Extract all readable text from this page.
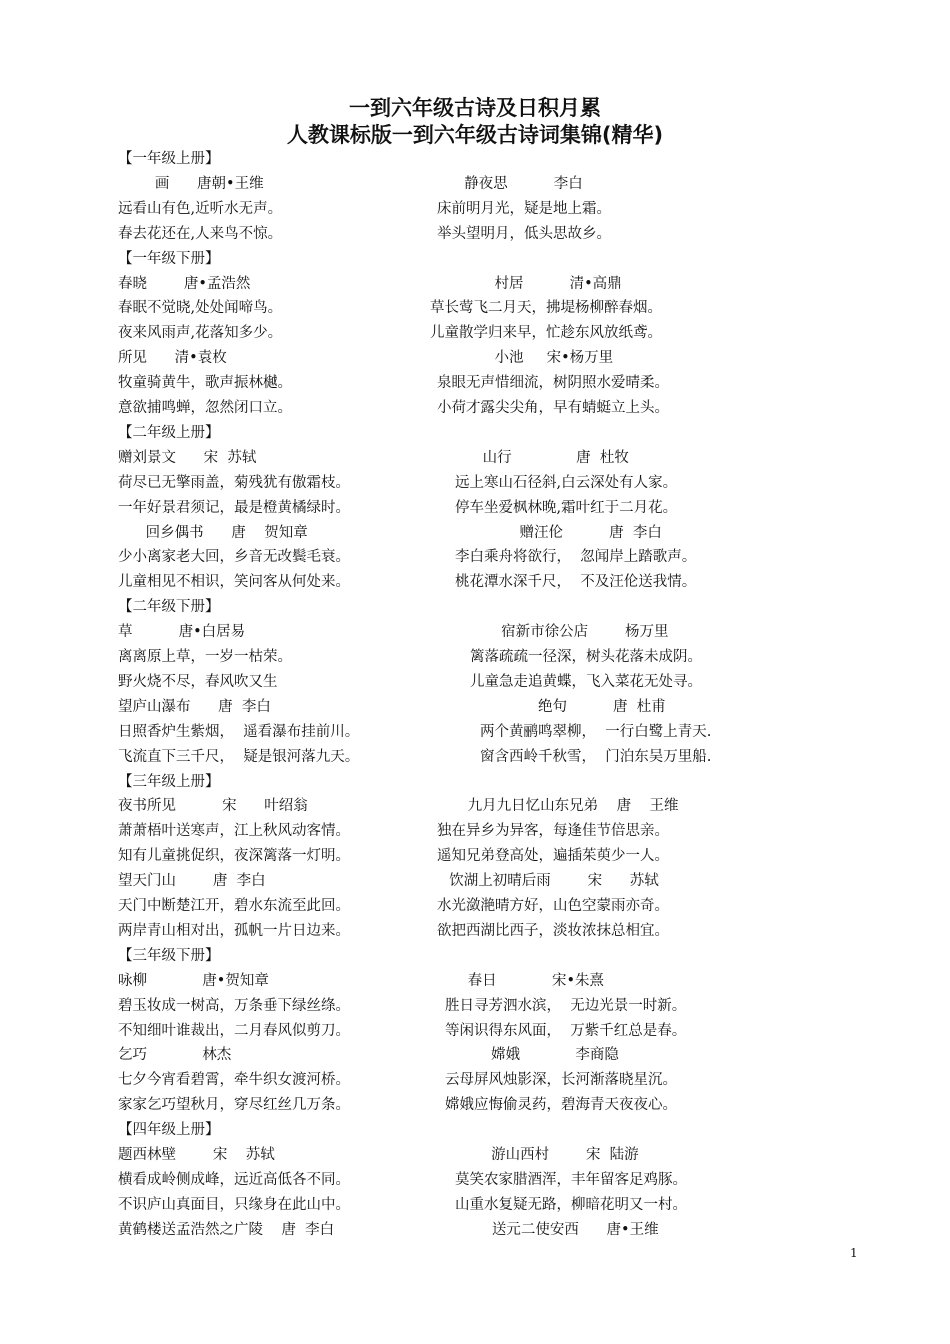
一到六年级古诗及日积月累
人教课标版一到六年级古诗词集锦(精华)
【一年级上册】
画      唐朝•王维	静夜思          李白
远看山有色,近听水无声。	床前明月光，疑是地上霜。
春去花还在,人来鸟不惊。	举头望明月，低头思故乡。
【一年级下册】
春晓        唐•孟浩然	村居          清•高鼎
春眠不觉晓,处处闻啼鸟。	草长莺飞二月天，拂堤杨柳醉春烟。
夜来风雨声,花落知多少。	儿童散学归来早，忙趁东风放纸鸢。
所见      清•袁枚	小池     宋•杨万里
牧童骑黄牛，歌声振林樾。	泉眼无声惜细流，树阴照水爱晴柔。
意欲捕鸣蝉，忽然闭口立。	小荷才露尖尖角，早有蜻蜓立上头。
【二年级上册】
赠刘景文      宋  苏轼	山行              唐  杜牧
荷尽已无擎雨盖，菊残犹有傲霜枝。	远上寒山石径斜,白云深处有人家。
一年好景君须记，最是橙黄橘绿时。	停车坐爱枫林晚,霜叶红于二月花。
回乡偶书      唐    贺知章	赠汪伦          唐  李白
少小离家老大回，乡音无改鬓毛衰。	李白乘舟将欲行，  忽闻岸上踏歌声。
儿童相见不相识，笑问客从何处来。	桃花潭水深千尺，  不及汪伦送我情。
【二年级下册】
草          唐•白居易	宿新市徐公店        杨万里
离离原上草，一岁一枯荣。	篱落疏疏一径深，树头花落未成阴。
野火烧不尽，春风吹又生	儿童急走追黄蝶，飞入菜花无处寻。
望庐山瀑布      唐  李白	绝句          唐  杜甫
日照香炉生紫烟，  遥看瀑布挂前川。	两个黄鹂鸣翠柳，  一行白鹭上青天.
飞流直下三千尺，  疑是银河落九天。	窗含西岭千秋雪，  门泊东吴万里船.
【三年级上册】
夜书所见          宋      叶绍翁	九月九日忆山东兄弟    唐    王维
萧萧梧叶送寒声，江上秋风动客情。	独在异乡为异客，每逢佳节倍思亲。
知有儿童挑促织，夜深篱落一灯明。	遥知兄弟登高处，遍插茱萸少一人。
望天门山        唐  李白	饮湖上初晴后雨        宋      苏轼
天门中断楚江开，碧水东流至此回。	水光潋滟晴方好，山色空蒙雨亦奇。
两岸青山相对出，孤帆一片日边来。	欲把西湖比西子，淡妆浓抹总相宜。
【三年级下册】
咏柳            唐•贺知章	春日            宋•朱熹
碧玉妆成一树高，万条垂下绿丝绦。	胜日寻芳泗水滨，  无边光景一时新。
不知细叶谁裁出，二月春风似剪刀。	等闲识得东风面，  万紫千红总是春。
乞巧            林杰	嫦娥            李商隐
七夕今宵看碧霄，牵牛织女渡河桥。	云母屏风烛影深，长河渐落晓星沉。
家家乞巧望秋月，穿尽红丝几万条。	嫦娥应悔偷灵药，碧海青天夜夜心。
【四年级上册】
题西林壁        宋    苏轼	游山西村        宋  陆游
横看成岭侧成峰，远近高低各不同。	莫笑农家腊酒浑，丰年留客足鸡豚。
不识庐山真面目，只缘身在此山中。	山重水复疑无路，柳暗花明又一村。
黄鹤楼送孟浩然之广陵    唐  李白	送元二使安西      唐•王维
1
